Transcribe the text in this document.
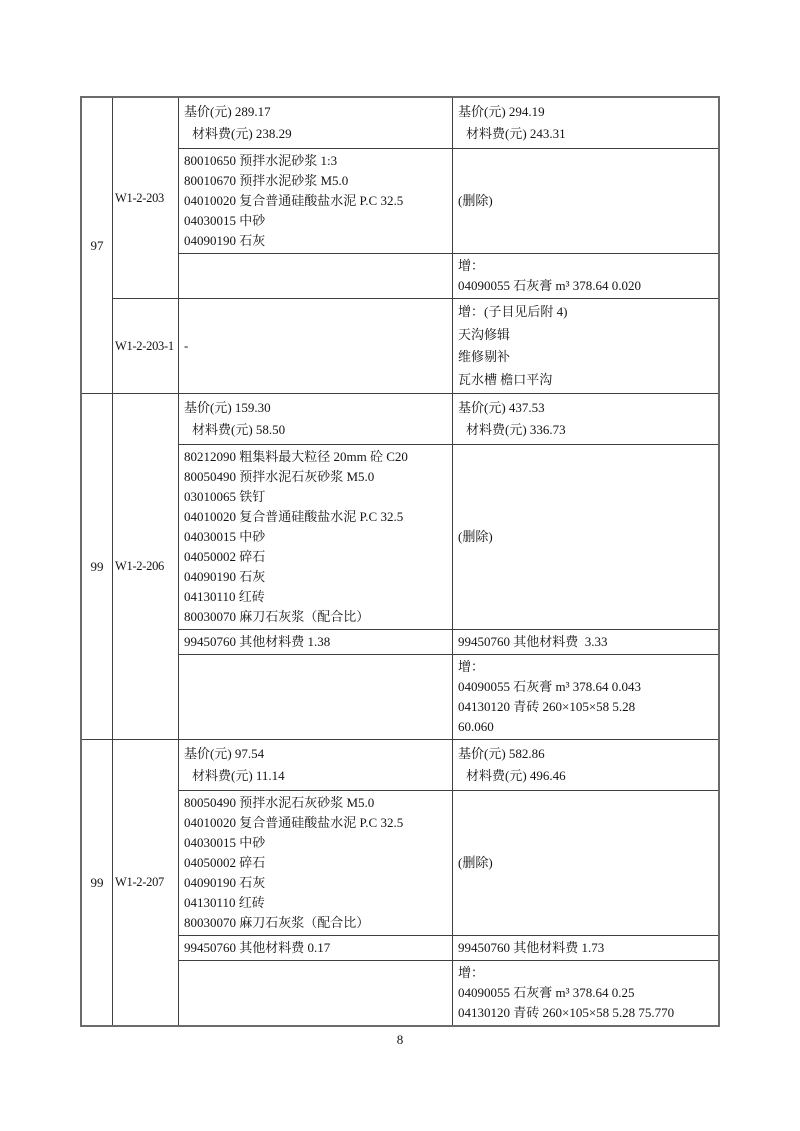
97
W1-2-203
基价(元) 289.17
材料费(元) 238.29
基价(元) 294.19
材料费(元) 243.31
80010650 预拌水泥砂浆 1:3
80010670 预拌水泥砂浆 M5.0
04010020 复合普通硅酸盐水泥 P.C 32.5
04030015 中砂
04090190 石灰
(删除)
增：
04090055 石灰膏 m³ 378.64 0.020
W1-2-203-1 -
增：(子目见后附 4)
天沟修辑
维修剔补
瓦水槽 檐口平沟
99 W1-2-206
基价(元) 159.30
材料费(元) 58.50
基价(元) 437.53
材料费(元) 336.73
80212090 粗集料最大粒径 20mm 砼 C20
80050490 预拌水泥石灰砂浆 M5.0
03010065 铁钉
04010020 复合普通硅酸盐水泥 P.C 32.5
04030015 中砂
04050002 碎石
04090190 石灰
04130110 红砖
80030070 麻刀石灰浆（配合比）
(删除)
99450760 其他材料费 1.38	99450760 其他材料费  3.33
增：
04090055 石灰膏 m³ 378.64 0.043
04130120 青砖 260×105×58 5.28
60.060
99 W1-2-207
基价(元) 97.54
材料费(元) 11.14
基价(元) 582.86
材料费(元) 496.46
80050490 预拌水泥石灰砂浆 M5.0
04010020 复合普通硅酸盐水泥 P.C 32.5
04030015 中砂
04050002 碎石
04090190 石灰
04130110 红砖
80030070 麻刀石灰浆（配合比）
(删除)
99450760 其他材料费 0.17	99450760 其他材料费 1.73
增：
04090055 石灰膏 m³ 378.64 0.25
04130120 青砖 260×105×58 5.28 75.770
8
